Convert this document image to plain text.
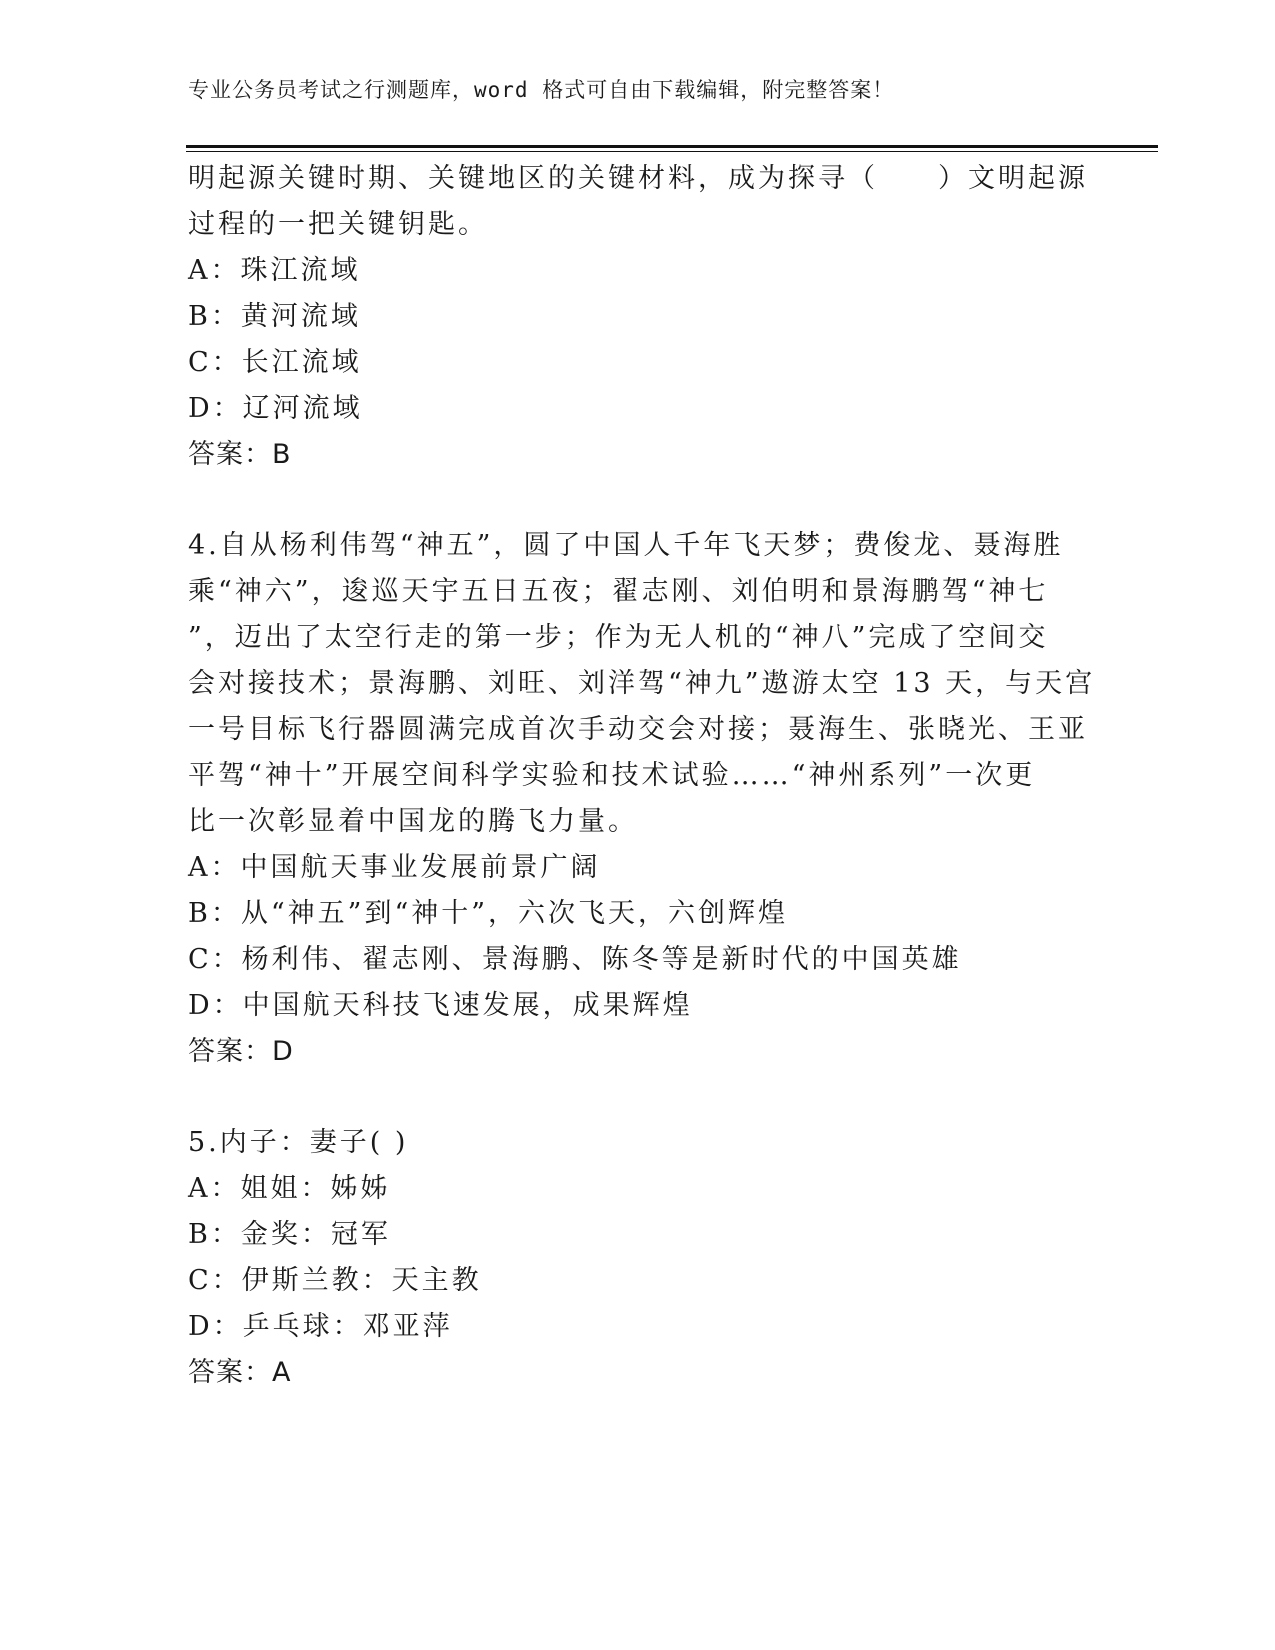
专业公务员考试之行测题库，word 格式可自由下载编辑，附完整答案！
明起源关键时期、关键地区的关键材料，成为探寻（　　）文明起源
过程的一把关键钥匙。
A：珠江流域
B：黄河流域
C：长江流域
D：辽河流域
答案：B
4.自从杨利伟驾“神五”，圆了中国人千年飞天梦；费俊龙、聂海胜
乘“神六”，逡巡天宇五日五夜；翟志刚、刘伯明和景海鹏驾“神七
”，迈出了太空行走的第一步；作为无人机的“神八”完成了空间交
会对接技术；景海鹏、刘旺、刘洋驾“神九”遨游太空 13 天，与天宫
一号目标飞行器圆满完成首次手动交会对接；聂海生、张晓光、王亚
平驾“神十”开展空间科学实验和技术试验……“神州系列”一次更
比一次彰显着中国龙的腾飞力量。
A：中国航天事业发展前景广阔
B：从“神五”到“神十”，六次飞天，六创辉煌
C：杨利伟、翟志刚、景海鹏、陈冬等是新时代的中国英雄
D：中国航天科技飞速发展，成果辉煌
答案：D
5.内子：妻子( )
A：姐姐：姊姊
B：金奖：冠军
C：伊斯兰教：天主教
D：乒乓球：邓亚萍
答案：A
